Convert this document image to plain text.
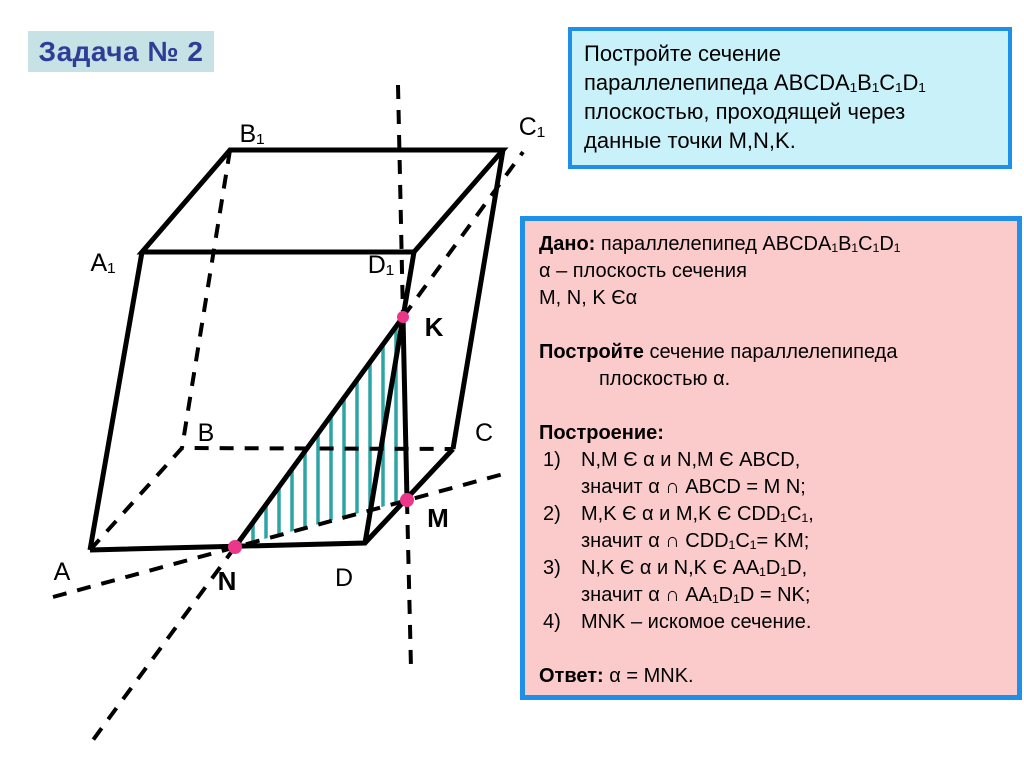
A₁
B₁	C₁
D₁
A
B	C
D
K
M
N
Задача № 2	Постройте сечение
параллелепипеда ABCDA₁B₁C₁D₁
плоскостью, проходящей через
данные точки M,N,K.
Дано: параллелепипед ABCDA₁B₁C₁D₁
α – плоскость сечения
M, N, K Єα
Постройте сечение параллелепипеда
плоскостью α.
Построение:
1) N,M Є α и N,M Є ABCD,
значит α ∩ ABCD = M N;
2) M,K Є α и M,K Є CDD₁C₁,
значит α ∩ CDD₁C₁= KM;
3) N,K Є α и N,K Є AA₁D₁D,
значит α ∩ AA₁D₁D = NK;
4) MNK – искомое сечение.
Ответ: α = MNK.
